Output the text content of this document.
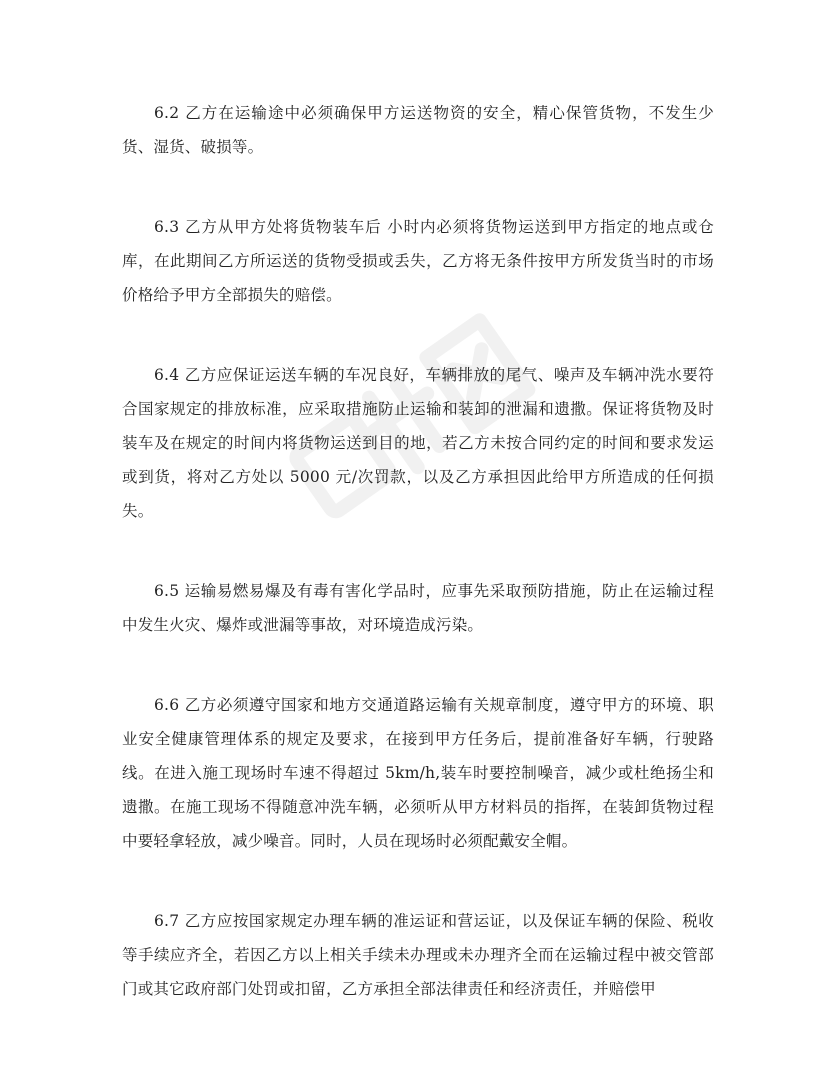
6.2 乙方在运输途中必须确保甲方运送物资的安全，精心保管货物，不发生少货、湿货、破损等。

6.3 乙方从甲方处将货物装车后 小时内必须将货物运送到甲方指定的地点或仓库，在此期间乙方所运送的货物受损或丢失，乙方将无条件按甲方所发货当时的市场价格给予甲方全部损失的赔偿。

6.4 乙方应保证运送车辆的车况良好，车辆排放的尾气、噪声及车辆冲洗水要符合国家规定的排放标准，应采取措施防止运输和装卸的泄漏和遗撒。保证将货物及时装车及在规定的时间内将货物运送到目的地，若乙方未按合同约定的时间和要求发运或到货，将对乙方处以 5000 元/次罚款，以及乙方承担因此给甲方所造成的任何损失。

6.5 运输易燃易爆及有毒有害化学品时，应事先采取预防措施，防止在运输过程中发生火灾、爆炸或泄漏等事故，对环境造成污染。

6.6 乙方必须遵守国家和地方交通道路运输有关规章制度，遵守甲方的环境、职业安全健康管理体系的规定及要求，在接到甲方任务后，提前准备好车辆，行驶路线。在进入施工现场时车速不得超过 5km/h,装车时要控制噪音，减少或杜绝扬尘和遗撒。在施工现场不得随意冲洗车辆，必须听从甲方材料员的指挥，在装卸货物过程中要轻拿轻放，减少噪音。同时，人员在现场时必须配戴安全帽。

6.7 乙方应按国家规定办理车辆的准运证和营运证，以及保证车辆的保险、税收等手续应齐全，若因乙方以上相关手续未办理或未办理齐全而在运输过程中被交管部门或其它政府部门处罚或扣留，乙方承担全部法律责任和经济责任，并赔偿甲
